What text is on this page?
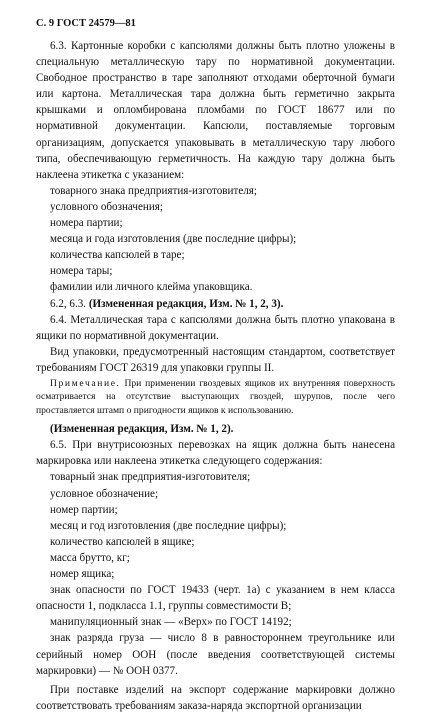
С. 9 ГОСТ 24579—81

6.3. Картонные коробки с капсюлями должны быть плотно уложены в специальную металлическую тару по нормативной документации. Свободное пространство в таре заполняют отходами оберточной бумаги или картона. Металлическая тара должна быть герметично закрыта крышками и опломбирована пломбами по ГОСТ 18677 или по нормативной документации. Капсюли, поставляемые торговым организациям, допускается упаковывать в металлическую тару любого типа, обеспечивающую герметичность. На каждую тару должна быть наклеена этикетка с указанием:

товарного знака предприятия-изготовителя;

условного обозначения;

номера партии;

месяца и года изготовления (две последние цифры);

количества капсюлей в таре;

номера тары;

фамилии или личного клейма упаковщика.

6.2, 6.3. (Измененная редакция, Изм. № 1, 2, 3).

6.4. Металлическая тара с капсюлями должна быть плотно упакована в ящики по нормативной документации.

Вид упаковки, предусмотренный настоящим стандартом, соответствует требованиям ГОСТ 26319 для упаковки группы II.

Примечание. При применении гвоздевых ящиков их внутренняя поверхность осматривается на отсутствие выступающих гвоздей, шурупов, после чего проставляется штамп о пригодности ящиков к использованию.

(Измененная редакция, Изм. № 1, 2).

6.5. При внутрисоюзных перевозках на ящик должна быть нанесена маркировка или наклеена этикетка следующего содержания:

товарный знак предприятия-изготовителя;

условное обозначение;

номер партии;

месяц и год изготовления (две последние цифры);

количество капсюлей в ящике;

масса брутто, кг;

номер ящика;

знак опасности по ГОСТ 19433 (черт. 1а) с указанием в нем класса опасности 1, подкласса 1.1, группы совместимости В;

манипуляционный знак — «Верх» по ГОСТ 14192;

знак разряда груза — число 8 в равностороннем треугольнике или серийный номер ООН (после введения соответствующей системы маркировки) — № ООН 0377.

При поставке изделий на экспорт содержание маркировки должно соответствовать требованиям заказа-наряда экспортной организации
